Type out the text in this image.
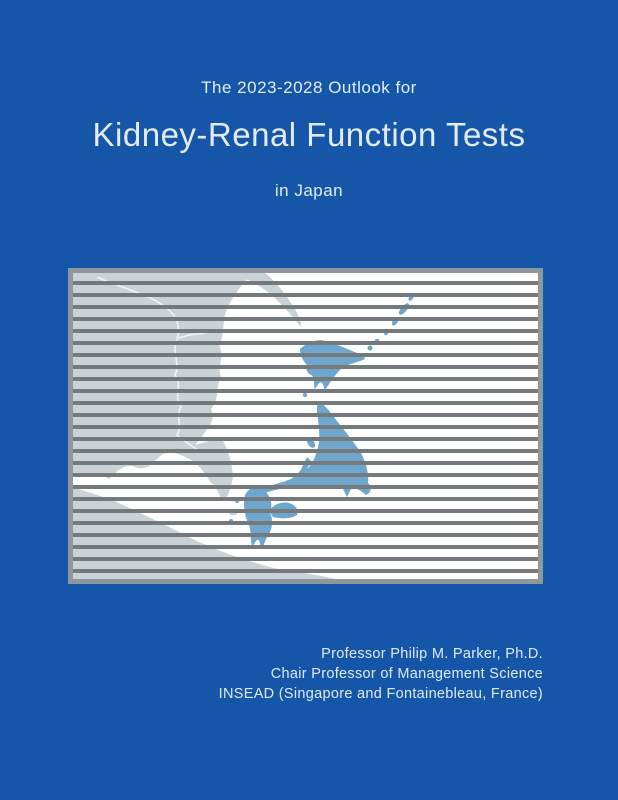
The 2023-2028 Outlook for
Kidney-Renal Function Tests
in Japan
Professor Philip M. Parker, Ph.D.
Chair Professor of Management Science
INSEAD (Singapore and Fontainebleau, France)
